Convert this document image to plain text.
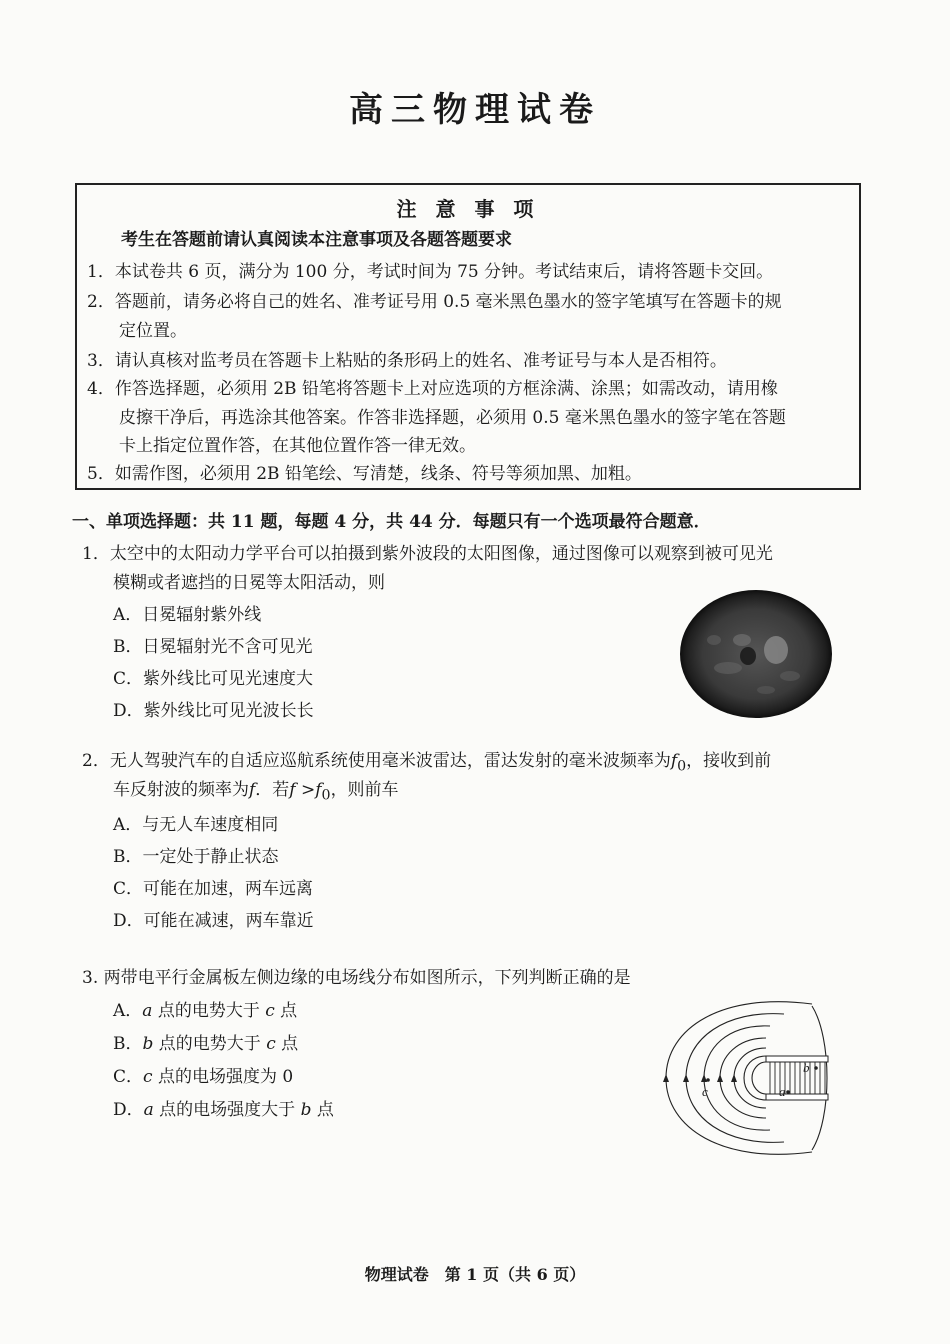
高三物理试卷
注 意 事 项
考生在答题前请认真阅读本注意事项及各题答题要求
1．本试卷共 6 页，满分为 100 分，考试时间为 75 分钟。考试结束后，请将答题卡交回。
2．答题前，请务必将自己的姓名、准考证号用 0.5 毫米黑色墨水的签字笔填写在答题卡的规
定位置。
3．请认真核对监考员在答题卡上粘贴的条形码上的姓名、准考证号与本人是否相符。
4．作答选择题，必须用 2B 铅笔将答题卡上对应选项的方框涂满、涂黑；如需改动，请用橡
皮擦干净后，再选涂其他答案。作答非选择题，必须用 0.5 毫米黑色墨水的签字笔在答题
卡上指定位置作答，在其他位置作答一律无效。
5．如需作图，必须用 2B 铅笔绘、写清楚，线条、符号等须加黑、加粗。
一、单项选择题：共 11 题，每题 4 分，共 44 分．每题只有一个选项最符合题意．
1．太空中的太阳动力学平台可以拍摄到紫外波段的太阳图像，通过图像可以观察到被可见光
模糊或者遮挡的日冕等太阳活动，则
A．日冕辐射紫外线
B．日冕辐射光不含可见光
C．紫外线比可见光速度大
D．紫外线比可见光波长长
2．无人驾驶汽车的自适应巡航系统使用毫米波雷达，雷达发射的毫米波频率为$f_0$，接收到前
车反射波的频率为f．若$f >f_0$，则前车
A．与无人车速度相同
B．一定处于静止状态
C．可能在加速，两车远离
D．可能在减速，两车靠近
3. 两带电平行金属板左侧边缘的电场线分布如图所示，下列判断正确的是
A．a 点的电势大于 c 点
B．b 点的电势大于 c 点
C．c 点的电场强度为 0
D．a 点的电场强度大于 b 点
c
b
a
物理试卷　第 1 页（共 6 页）
